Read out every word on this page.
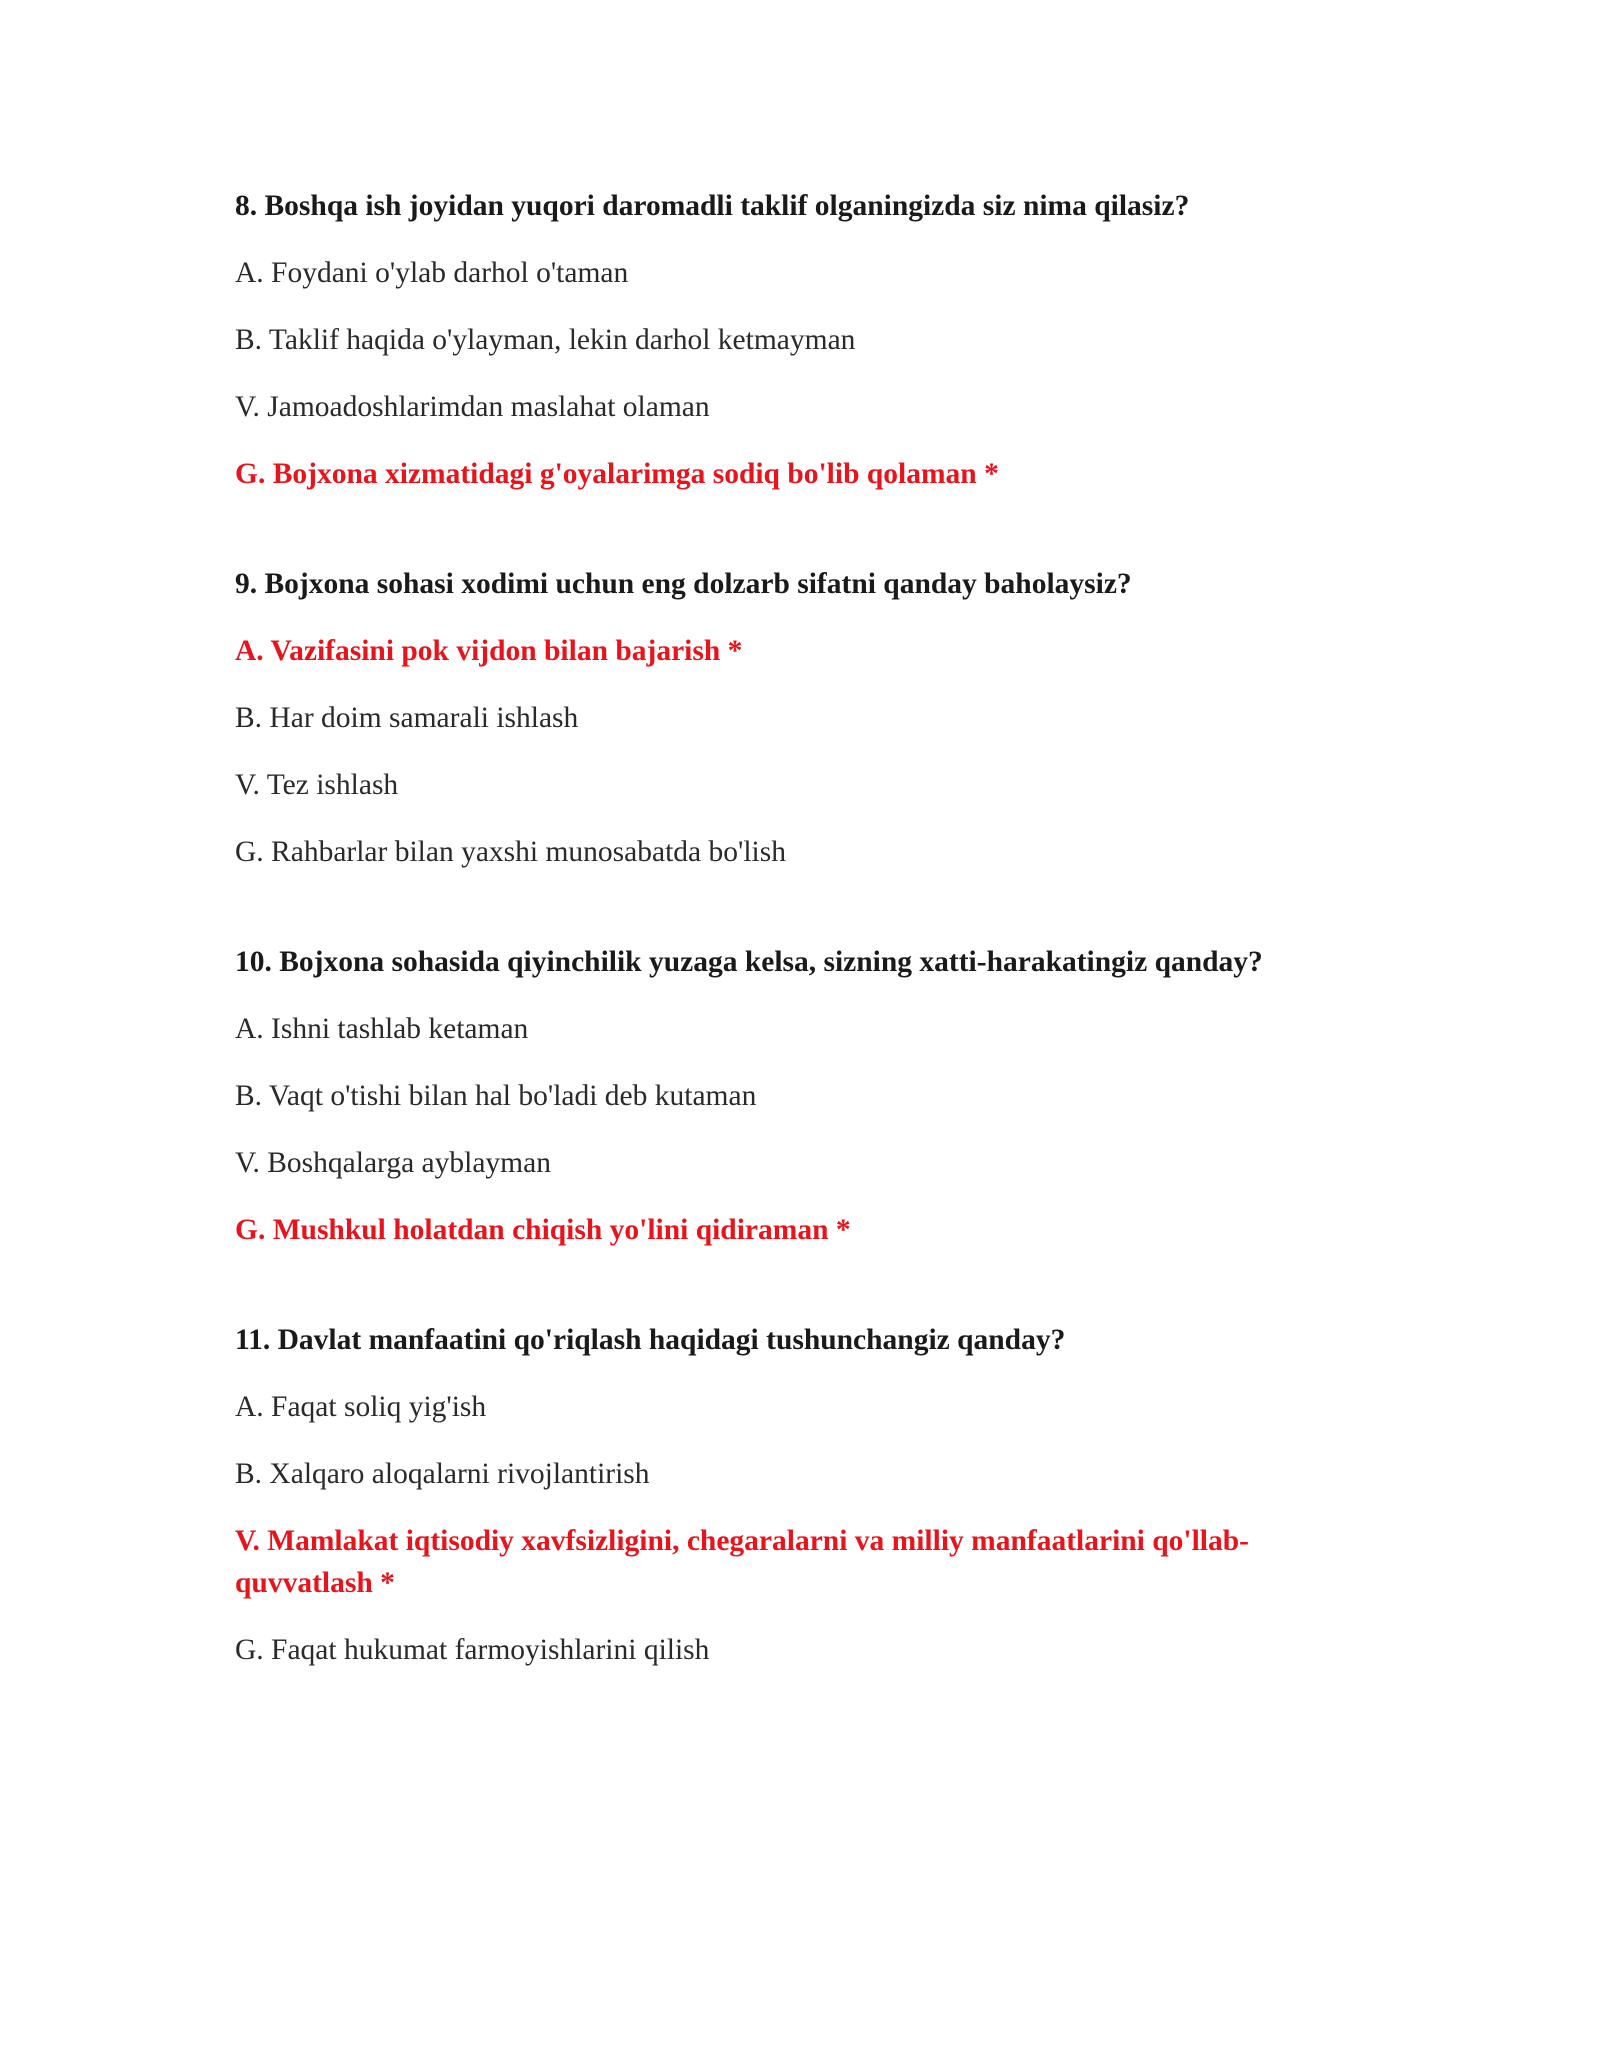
8. Boshqa ish joyidan yuqori daromadli taklif olganingizda siz nima qilasiz?

A. Foydani o'ylab darhol o'taman

B. Taklif haqida o'ylayman, lekin darhol ketmayman

V. Jamoadoshlarimdan maslahat olaman

G. Bojxona xizmatidagi g'oyalarimga sodiq bo'lib qolaman *

9. Bojxona sohasi xodimi uchun eng dolzarb sifatni qanday baholaysiz?

A. Vazifasini pok vijdon bilan bajarish *

B. Har doim samarali ishlash

V. Tez ishlash

G. Rahbarlar bilan yaxshi munosabatda bo'lish

10. Bojxona sohasida qiyinchilik yuzaga kelsa, sizning xatti-harakatingiz qanday?

A. Ishni tashlab ketaman

B. Vaqt o'tishi bilan hal bo'ladi deb kutaman

V. Boshqalarga ayblayman

G. Mushkul holatdan chiqish yo'lini qidiraman *

11. Davlat manfaatini qo'riqlash haqidagi tushunchangiz qanday?

A. Faqat soliq yig'ish

B. Xalqaro aloqalarni rivojlantirish

V. Mamlakat iqtisodiy xavfsizligini, chegaralarni va milliy manfaatlarini qo'llab-quvvatlash *

G. Faqat hukumat farmoyishlarini qilish
